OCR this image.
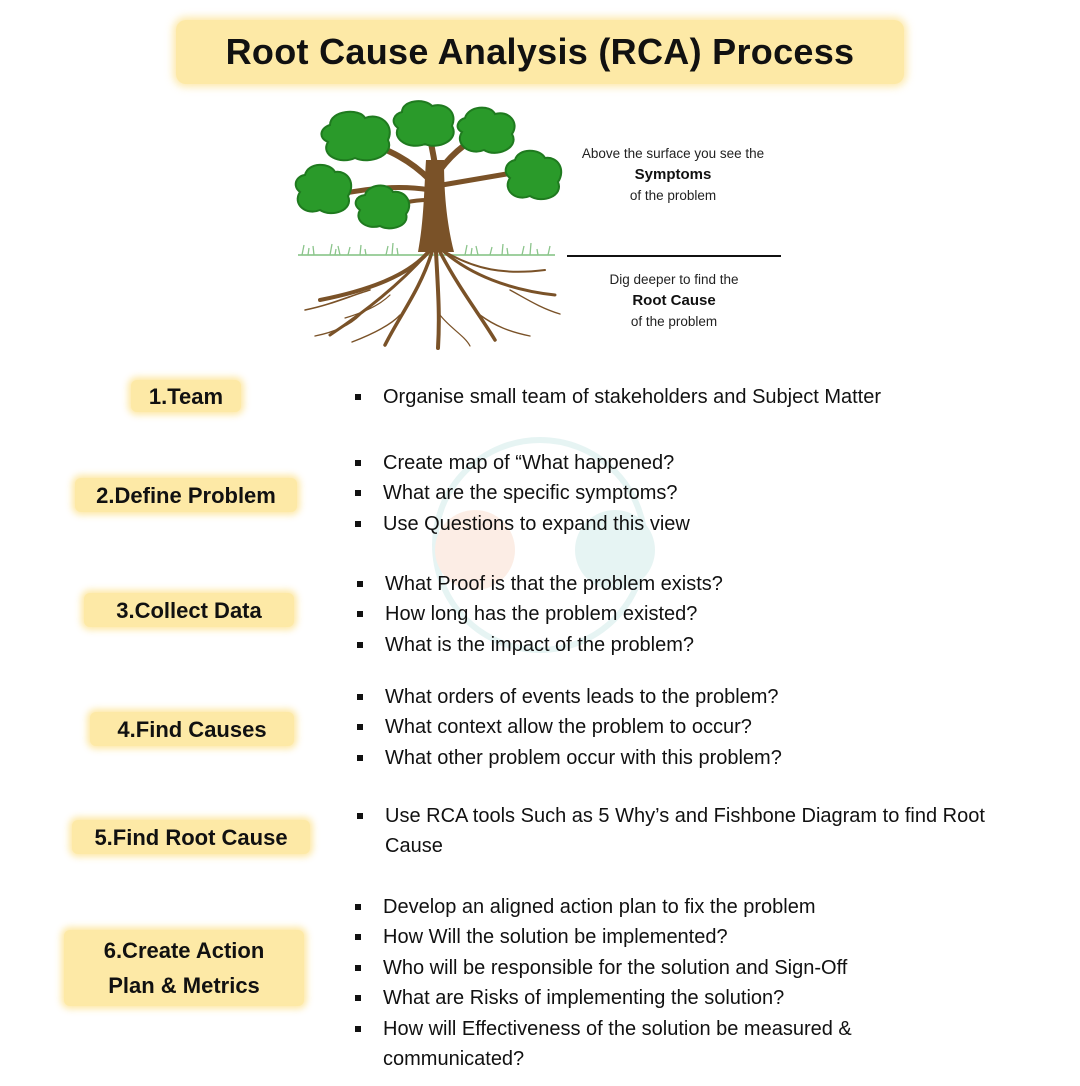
Root Cause Analysis (RCA) Process
Above the surface you see the
Symptoms
of the problem
Dig deeper to find the
Root Cause
of the problem
1.Team	Organise small team of stakeholders and Subject Matter
2.Define Problem
Create map of “What happened?
What are the specific symptoms?
Use Questions to expand this view
3.Collect Data
What Proof is that the problem exists?
How long has the problem existed?
What is the impact of the problem?
4.Find Causes
What orders of events leads to the problem?
What context allow the problem to occur?
What other problem occur with this problem?
5.Find Root Cause
Use RCA tools Such as 5 Why’s and Fishbone Diagram to find Root Cause
6.Create Action
Plan & Metrics
Develop an aligned action plan to fix the problem
How Will the solution be implemented?
Who will be responsible for the solution and Sign-Off
What are Risks of implementing the solution?
How will Effectiveness of the solution be measured & communicated?
